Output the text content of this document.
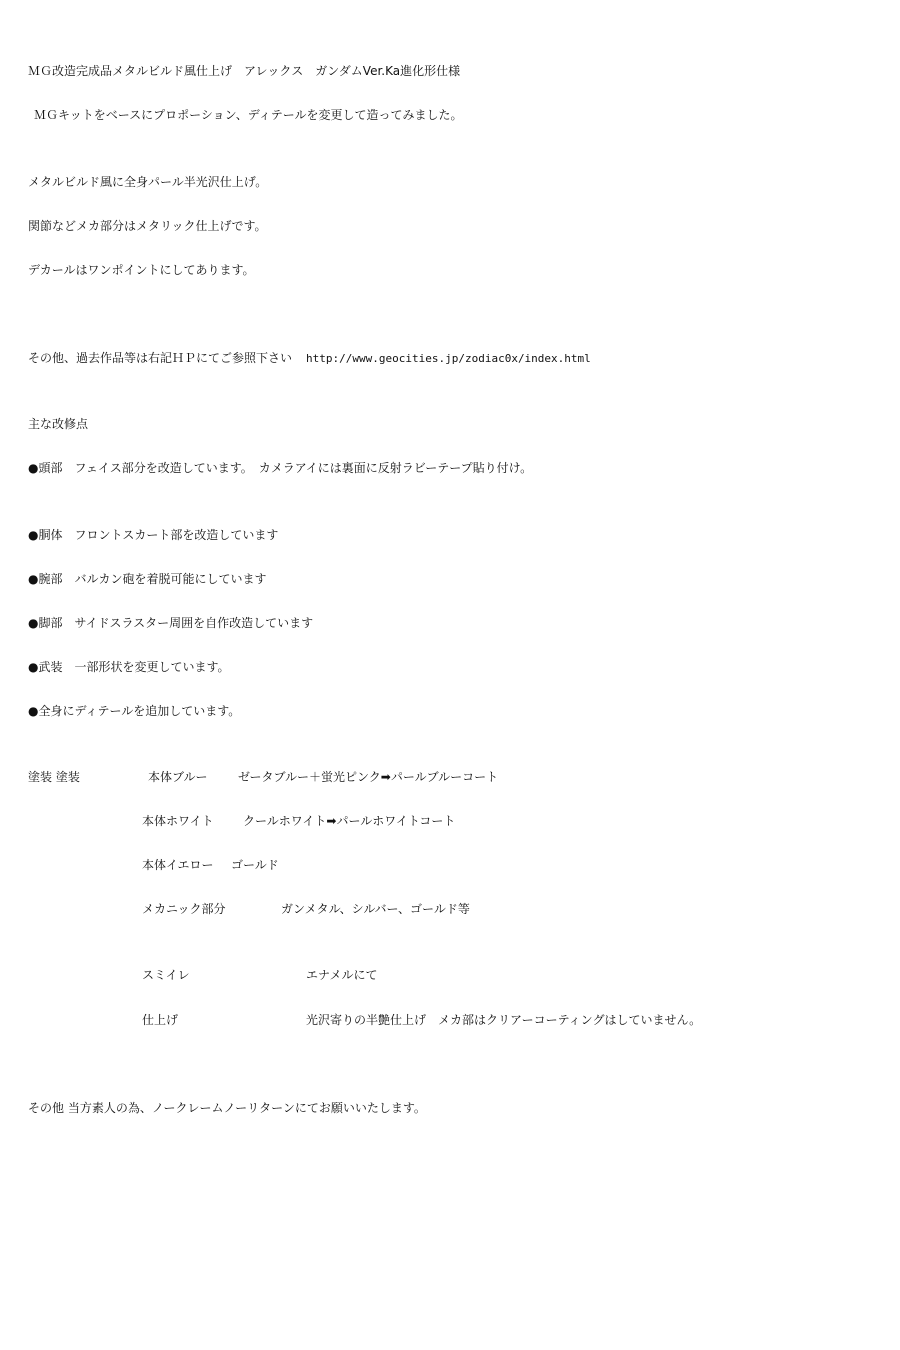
ＭＧ改造完成品メタルビルド風仕上げ　アレックス　ガンダムVer.Ka進化形仕様
ＭＧキットをベースにプロポーション、ディテールを変更して造ってみました。
メタルビルド風に全身パール半光沢仕上げ。
関節などメカ部分はメタリック仕上げです。
デカールはワンポイントにしてあります。
その他、過去作品等は右記ＨＰにてご参照下さい http://www.geocities.jp/zodiac0x/index.html
主な改修点
●頭部　フェイス部分を改造しています。　カメラアイには裏面に反射ラビーテープ貼り付け。
●胴体　フロントスカート部を改造しています
●腕部　バルカン砲を着脱可能にしています
●脚部　サイドスラスター周囲を自作改造しています
●武装　一部形状を変更しています。
●全身にディテールを追加しています。
塗装 塗装	本体ブルー	ゼータブルー＋蛍光ピンク➡パールブルーコート
本体ホワイト クールホワイト➡パールホワイトコート
本体イエロー ゴールド
メカニック部分	ガンメタル、シルバー、ゴールド等
スミイレ	エナメルにて
仕上げ	光沢寄りの半艶仕上げ　メカ部はクリアーコーティングはしていません。
その他 当方素人の為、ノークレームノーリターンにてお願いいたします。
